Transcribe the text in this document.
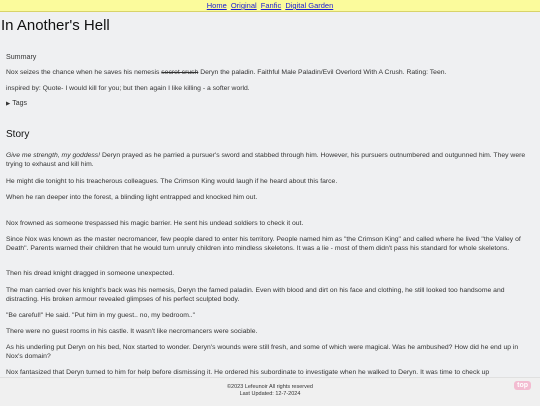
Home Original Fanfic Digital Garden
In Another's Hell
Summary

Nox seizes the chance when he saves his nemesis secret crush Deryn the paladin. Faithful Male Paladin/Evil Overlord With A Crush. Rating: Teen.

inspired by: Quote- I would kill for you; but then again I like killing - a softer world.

▶ Tags
Story

Give me strength, my goddess! Deryn prayed as he parried a pursuer's sword and stabbed through him. However, his pursuers outnumbered and outgunned him. They were trying to exhaust and kill him.

He might die tonight to his treacherous colleagues. The Crimson King would laugh if he heard about this farce.

When he ran deeper into the forest, a blinding light entrapped and knocked him out.

Nox frowned as someone trespassed his magic barrier. He sent his undead soldiers to check it out.

Since Nox was known as the master necromancer, few people dared to enter his territory. People named him as "the Crimson King" and called where he lived "the Valley of Death". Parents warned their children that he would turn unruly children into mindless skeletons. It was a lie - most of them didn't pass his standard for whole skeletons.

Then his dread knight dragged in someone unexpected.

The man carried over his knight's back was his nemesis, Deryn the famed paladin. Even with blood and dirt on his face and clothing, he still looked too handsome and distracting. His broken armour revealed glimpses of his perfect sculpted body.

"Be careful!" He said. "Put him in my guest.. no, my bedroom.."

There were no guest rooms in his castle. It wasn't like necromancers were sociable.

As his underling put Deryn on his bed, Nox started to wonder. Deryn's wounds were still fresh, and some of which were magical. Was he ambushed? How did he end up in Nox's domain?

Nox fantasized that Deryn turned to him for help before dismissing it. He ordered his subordinate to investigate when he walked to Deryn. It was time to check up

©2023 Lefeunoir All rights reserved
Last Updated: 12-7-2024
top
